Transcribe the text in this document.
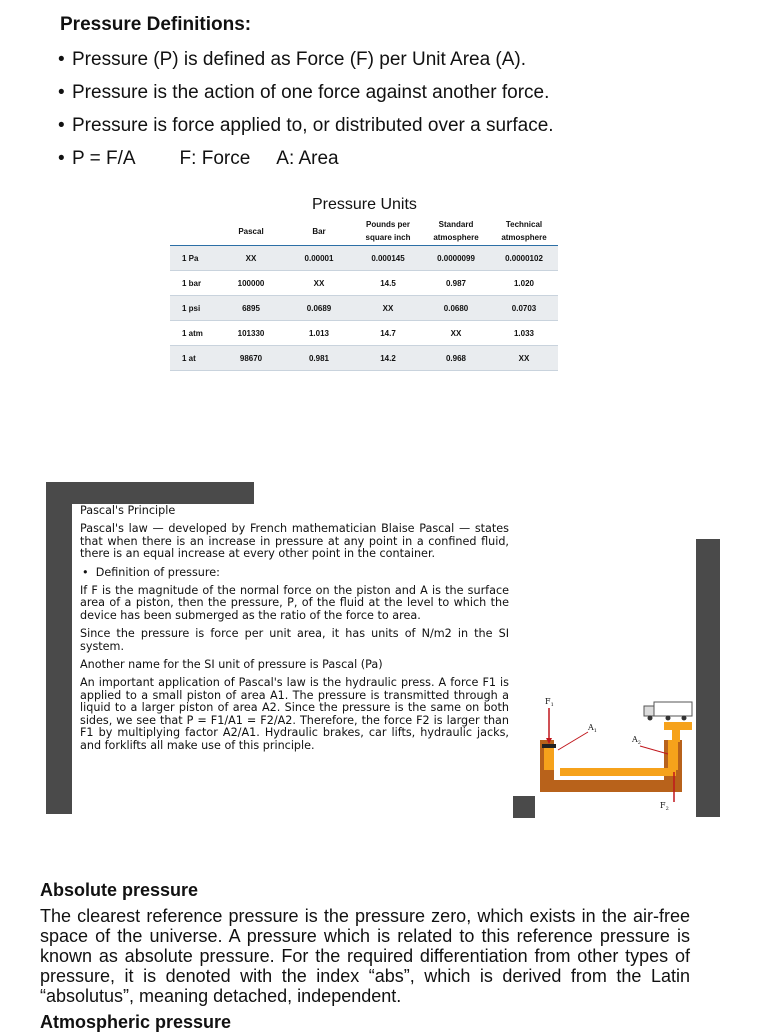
Pressure Definitions:
• Pressure (P) is defined as Force (F) per Unit Area (A).
• Pressure is the action of one force against another force.
• Pressure is force applied to, or distributed over a surface.
• P = F/A F: Force A: Area
Pressure Units
	Pascal	Bar	Pounds per square inch	Standard atmosphere	Technical atmosphere
1 Pa	XX	0.00001	0.000145	0.0000099	0.0000102
1 bar	100000	XX	14.5	0.987	1.020
1 psi	6895	0.0689	XX	0.0680	0.0703
1 atm	101330	1.013	14.7	XX	1.033
1 at	98670	0.981	14.2	0.968	XX

Pascal's Principle

Pascal's law — developed by French mathematician Blaise Pascal — states that when there is an increase in pressure at any point in a confined fluid, there is an equal increase at every other point in the container.

•  Definition of pressure:

If F is the magnitude of the normal force on the piston and A is the surface area of a piston, then the pressure, P, of the fluid at the level to which the device has been submerged as the ratio of the force to area.

Since the pressure is force per unit area, it has units of N/m2 in the SI system.

Another name for the SI unit of pressure is Pascal (Pa)

An important application of Pascal's law is the hydraulic press. A force F1 is applied to a small piston of area A1. The pressure is transmitted through a liquid to a larger piston of area A2. Since the pressure is the same on both sides, we see that P = F1/A1 = F2/A2. Therefore, the force F2 is larger than F1 by multiplying factor A2/A1. Hydraulic brakes, car lifts, hydraulic jacks, and forklifts all make use of this principle.

$F_1$
$A_1$
$A_2$
$F_2$
Absolute pressure
The clearest reference pressure is the pressure zero, which exists in the air-free space of the universe. A pressure which is related to this reference pressure is known as absolute pressure. For the required differentiation from other types of pressure, it is denoted with the index “abs”, which is derived from the Latin “absolutus”, meaning detached, independent.
Atmospheric pressure
